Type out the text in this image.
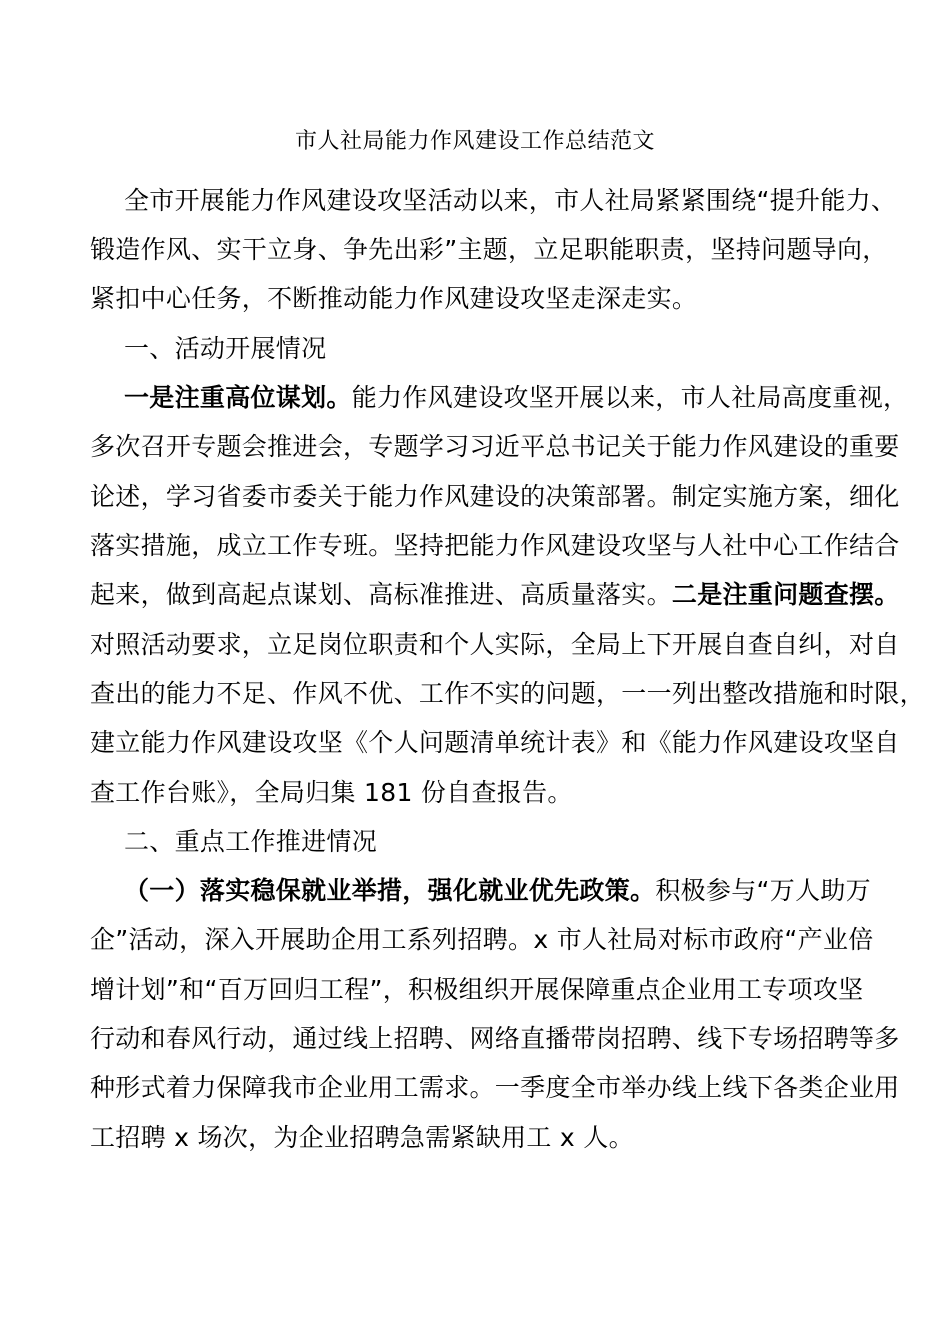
市人社局能力作风建设工作总结范文
全市开展能力作风建设攻坚活动以来，市人社局紧紧围绕“提升能力、
锻造作风、实干立身、争先出彩”主题，立足职能职责，坚持问题导向，
紧扣中心任务，不断推动能力作风建设攻坚走深走实。
一、活动开展情况
一是注重高位谋划。能力作风建设攻坚开展以来，市人社局高度重视，
多次召开专题会推进会，专题学习习近平总书记关于能力作风建设的重要
论述，学习省委市委关于能力作风建设的决策部署。制定实施方案，细化
落实措施，成立工作专班。坚持把能力作风建设攻坚与人社中心工作结合
起来，做到高起点谋划、高标准推进、高质量落实。二是注重问题查摆。
对照活动要求，立足岗位职责和个人实际，全局上下开展自查自纠，对自
查出的能力不足、作风不优、工作不实的问题，一一列出整改措施和时限，
建立能力作风建设攻坚《个人问题清单统计表》和《能力作风建设攻坚自
查工作台账》，全局归集 181 份自查报告。
二、重点工作推进情况
（一）落实稳保就业举措，强化就业优先政策。积极参与“万人助万
企”活动，深入开展助企用工系列招聘。x 市人社局对标市政府“产业倍
增计划”和“百万回归工程”，积极组织开展保障重点企业用工专项攻坚
行动和春风行动，通过线上招聘、网络直播带岗招聘、线下专场招聘等多
种形式着力保障我市企业用工需求。一季度全市举办线上线下各类企业用
工招聘 x 场次，为企业招聘急需紧缺用工 x 人。
